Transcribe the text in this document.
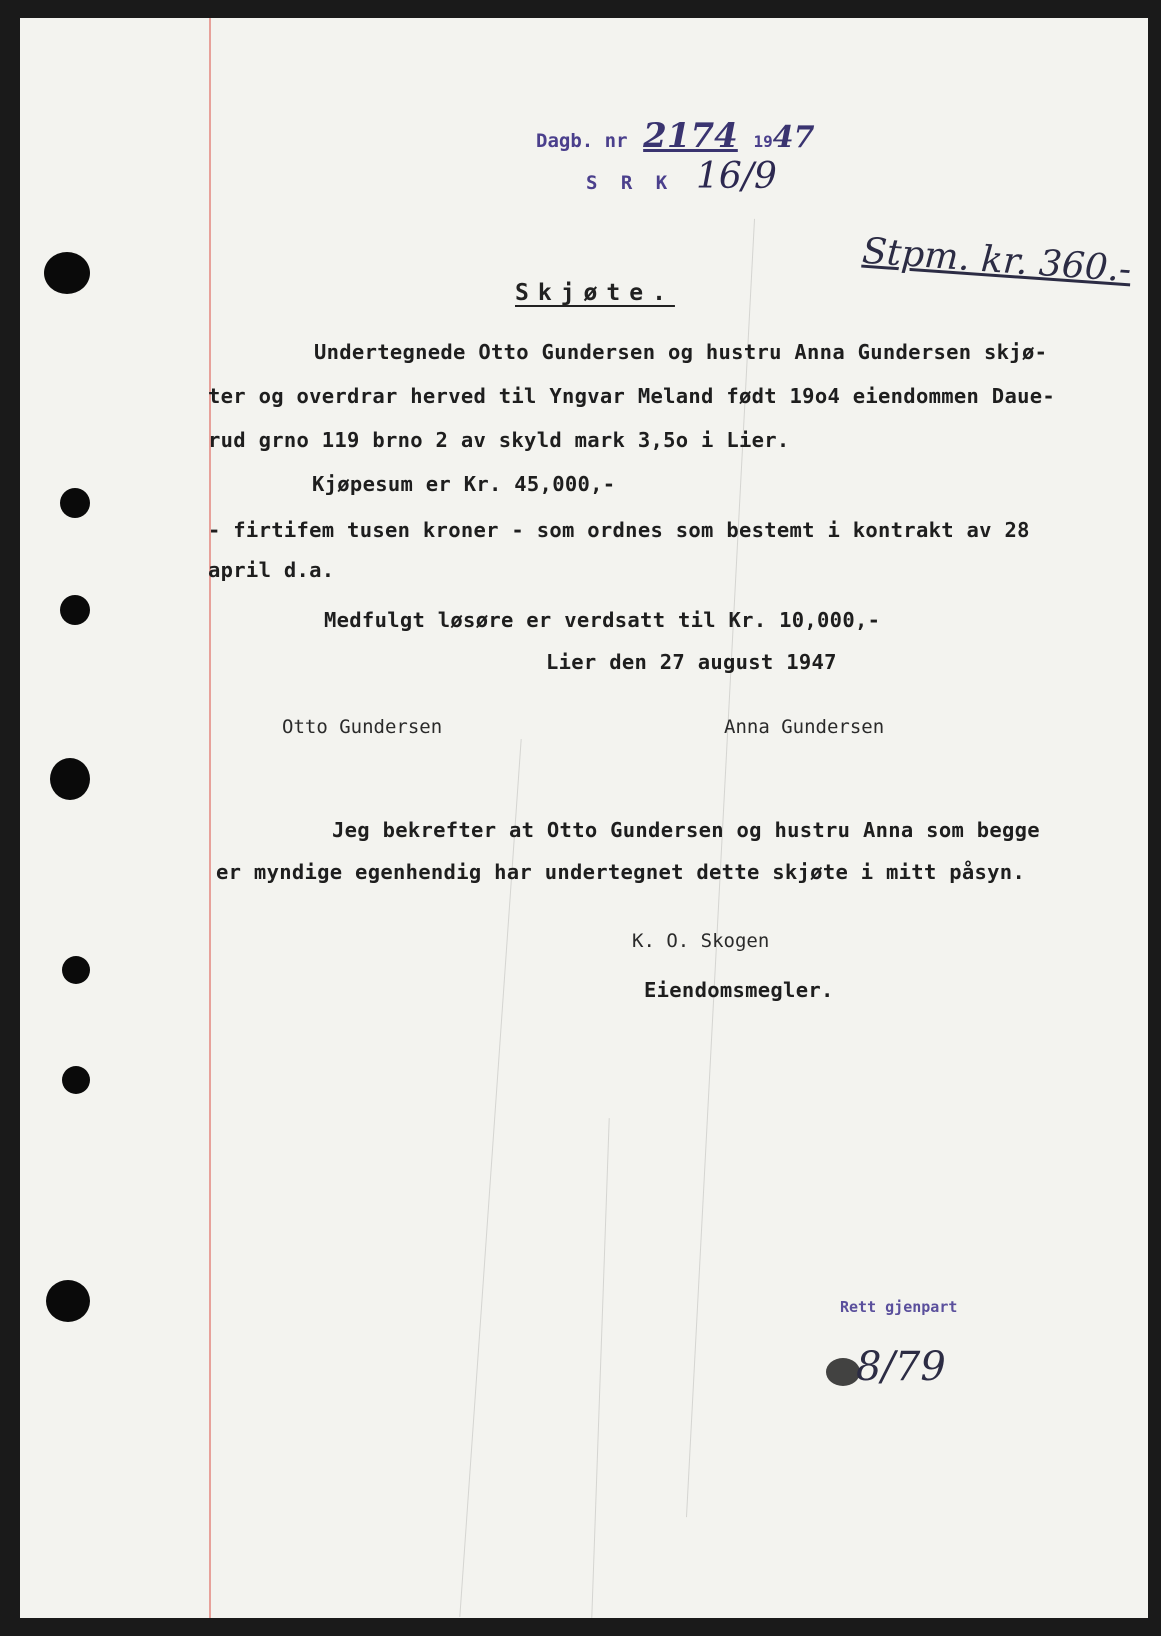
Dagb. nr 2174 1947
S R K 16/9
Stpm. kr. 360.-
Skjøte.
Undertegnede Otto Gundersen og hustru Anna Gundersen skjø-
ter og overdrar herved til Yngvar Meland født 19o4 eiendommen Daue-
rud grno 119 brno 2 av skyld mark 3,5o i Lier.
Kjøpesum er Kr. 45,000,-
- firtifem tusen kroner - som ordnes som bestemt i kontrakt av 28
april d.a.
Medfulgt løsøre er verdsatt til Kr. 10,000,-
Lier den 27 august 1947
Otto Gundersen	Anna Gundersen
Jeg bekrefter at Otto Gundersen og hustru Anna som begge
er myndige egenhendig har undertegnet dette skjøte i mitt påsyn.
K. O. Skogen
Eiendomsmegler.
Rett gjenpart
8/79
